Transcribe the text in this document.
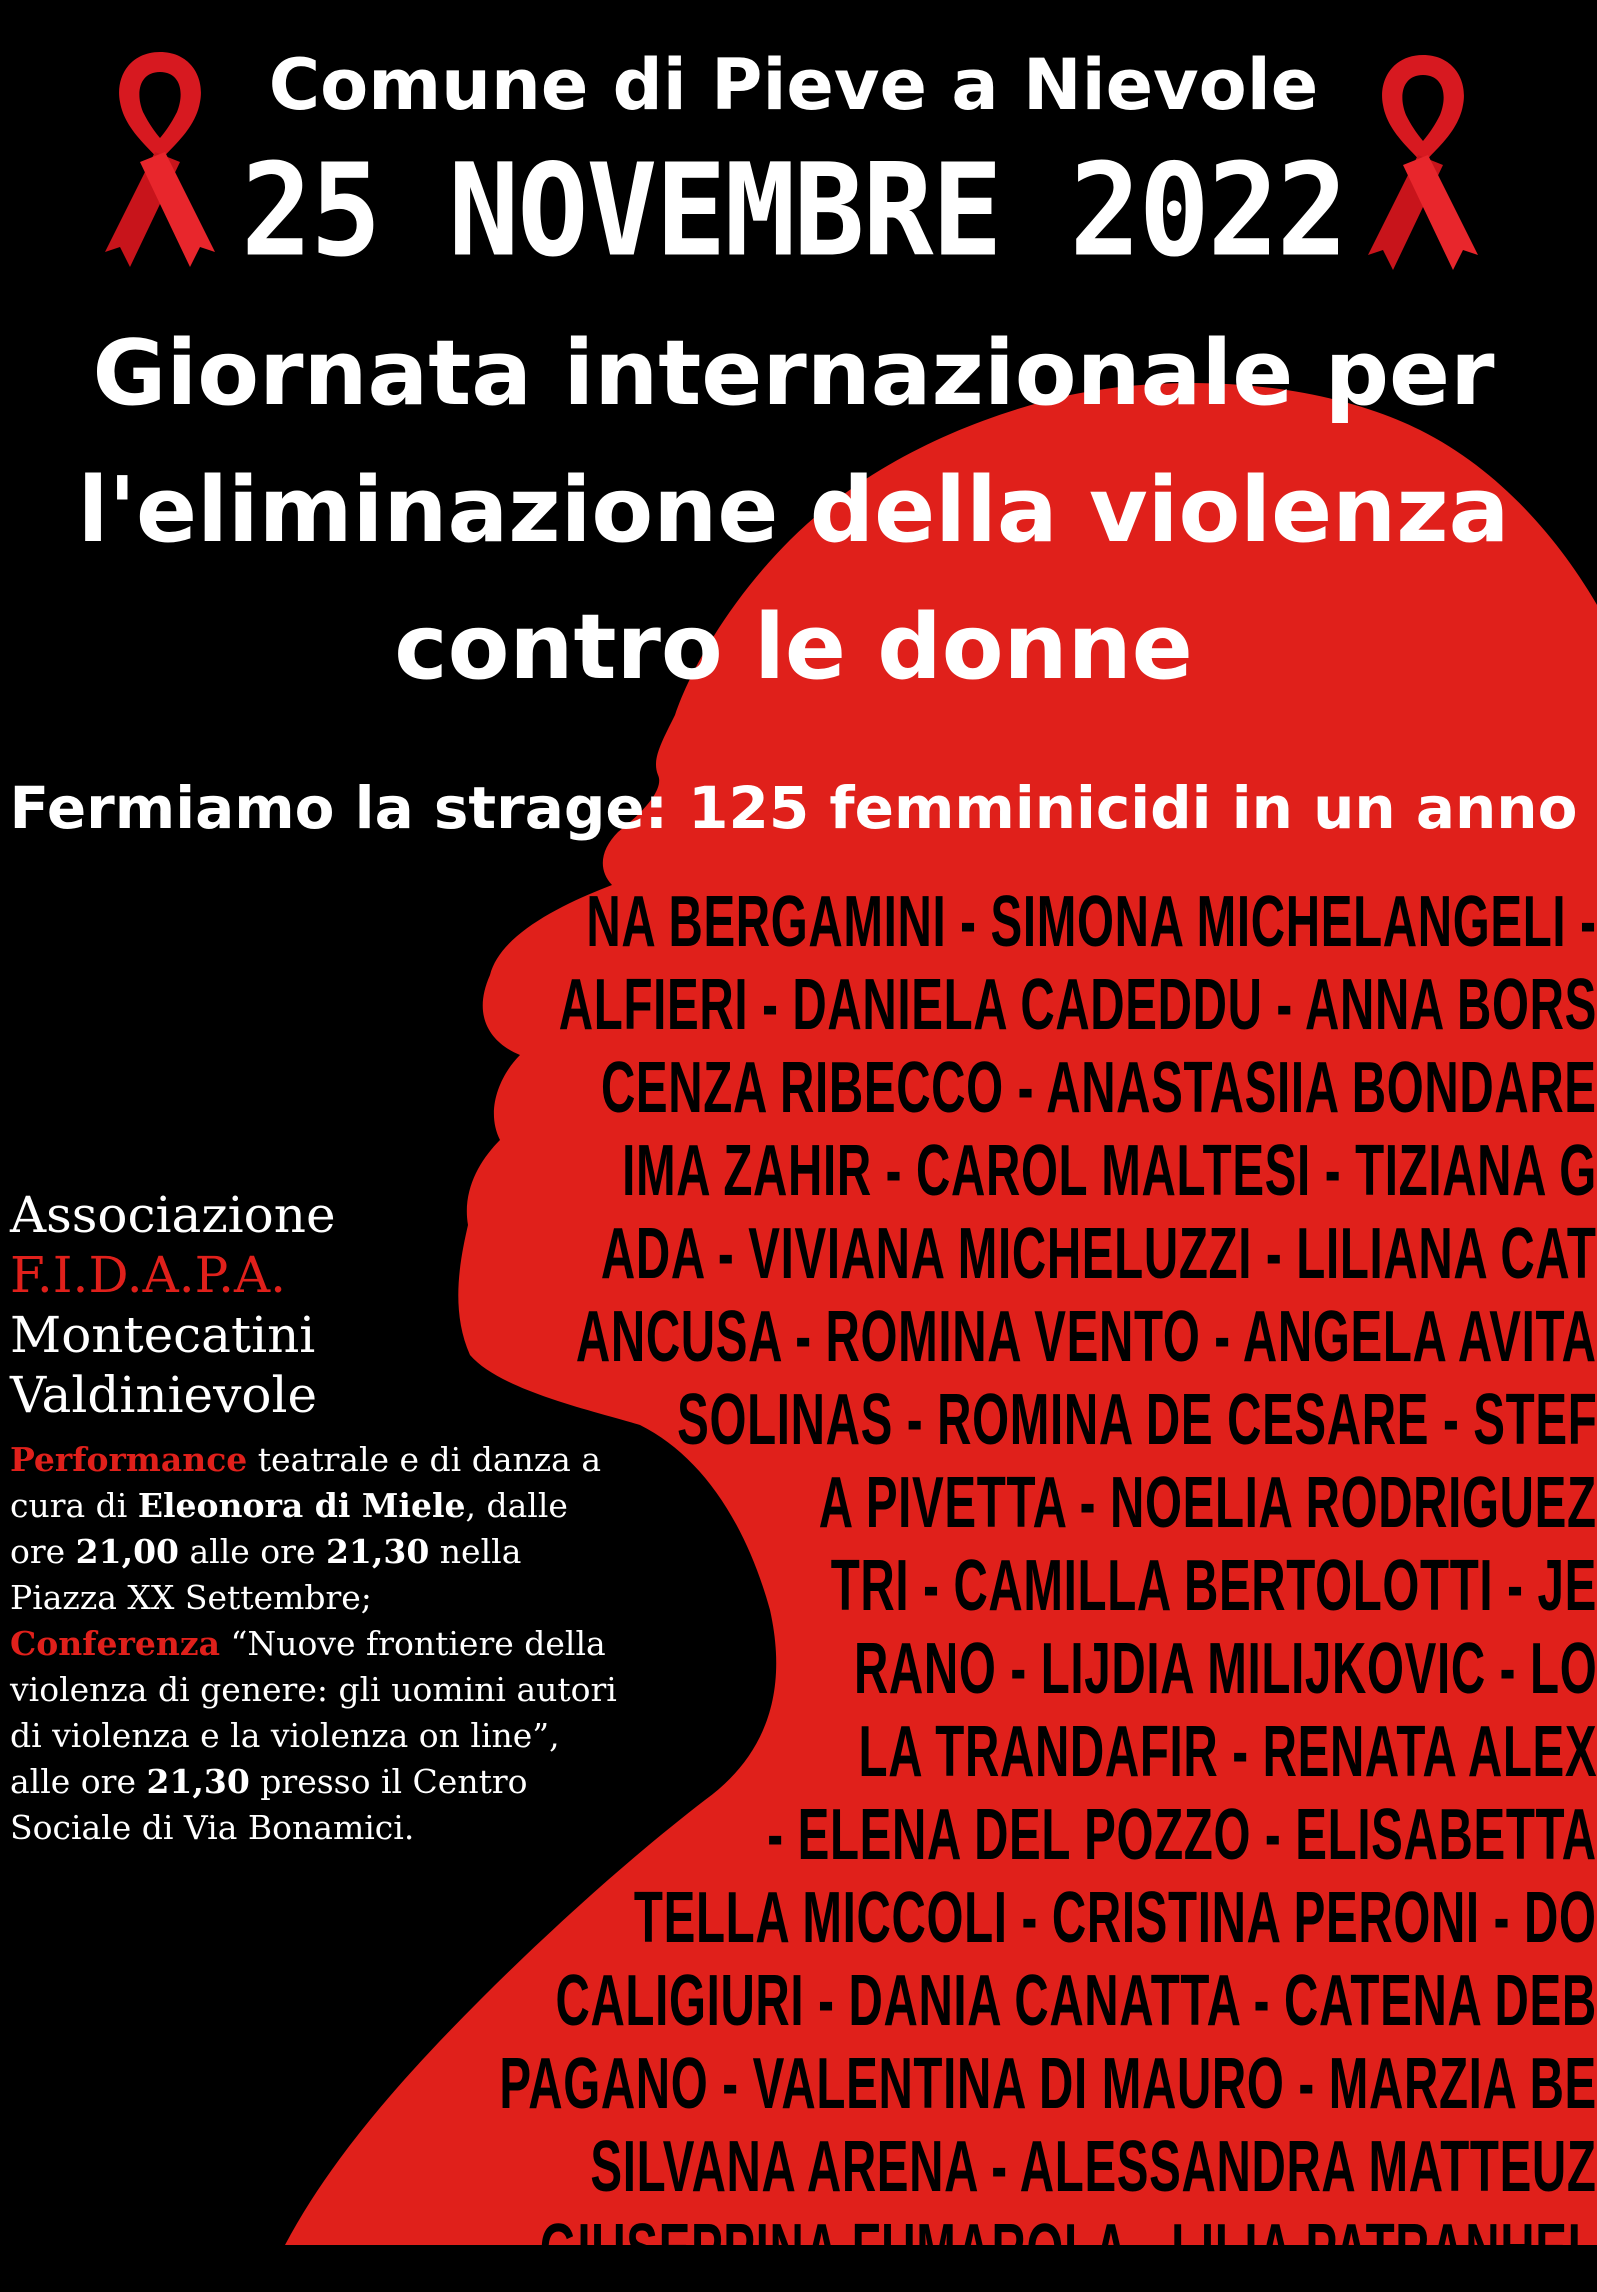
Comune di Pieve a Nievole
25 NOVEMBRE 2022
Giornata internazionale per
l'eliminazione della violenza
contro le donne
Fermiamo la strage: 125 femminicidi in un anno
NA BERGAMINI - SIMONA MICHELANGELI -
ALFIERI - DANIELA CADEDDU - ANNA BORS
CENZA RIBECCO - ANASTASIIA BONDARE
IMA ZAHIR - CAROL MALTESI - TIZIANA G
ADA - VIVIANA MICHELUZZI - LILIANA CAT
ANCUSA - ROMINA VENTO - ANGELA AVITA
SOLINAS - ROMINA DE CESARE - STEF
A PIVETTA - NOELIA RODRIGUEZ
TRI - CAMILLA BERTOLOTTI - JE
RANO - LIJDIA MILIJKOVIC - LO
LA TRANDAFIR - RENATA ALEX
- ELENA DEL POZZO - ELISABETTA
TELLA MICCOLI - CRISTINA PERONI - DO
CALIGIURI - DANIA CANATTA - CATENA DEB
PAGANO - VALENTINA DI MAURO - MARZIA BE
SILVANA ARENA - ALESSANDRA MATTEUZ
GIUSEPPINA FUMAROLA - LILIA PATRANHEL
Associazione
F.I.D.A.P.A.
Montecatini
Valdinievole
Performance teatrale e di danza a cura di Eleonora di Miele, dalle ore 21,00 alle ore 21,30 nella Piazza XX Settembre;
Conferenza “Nuove frontiere della violenza di genere: gli uomini autori di violenza e la violenza on line”, alle ore 21,30 presso il Centro Sociale di Via Bonamici.
